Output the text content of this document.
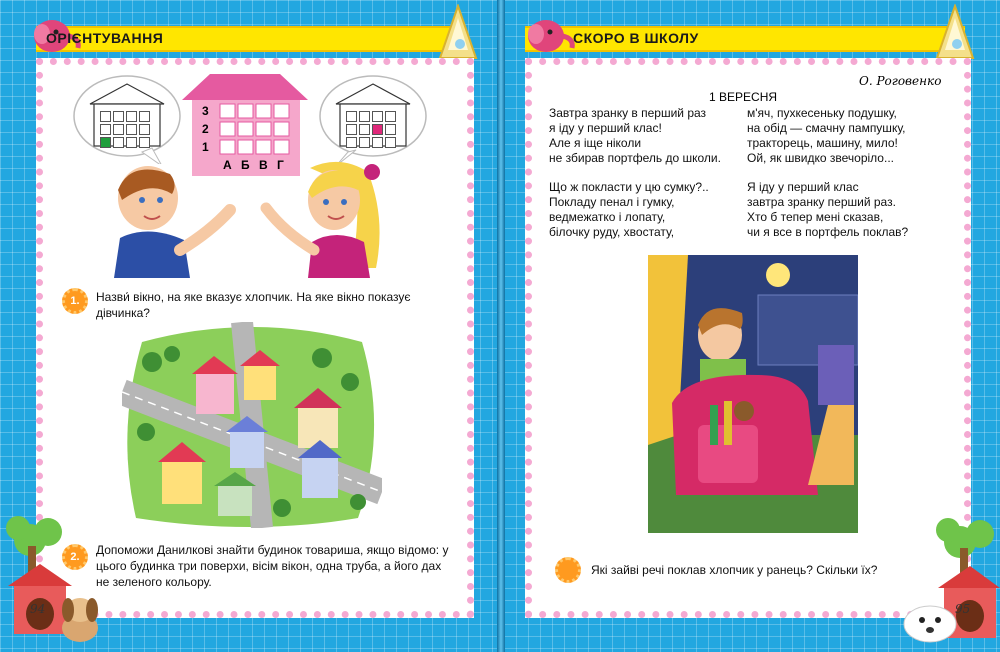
ОРІЄНТУВАННЯ
3
2
1
А Б В Г
1. Назви́ вікно, на яке вказує хлопчик. На яке вікно показує дівчинка?
2. Допоможи Данилкові знайти будинок товариша, якщо відомо: у цього будинка три поверхи, вісім вікон, одна труба, а його дах не зеленого кольору.
94
СКОРО В ШКОЛУ
О. Роговенко
1 ВЕРЕСНЯ
Завтра зранку в перший раз
я іду у перший клас!
Але я іще ніколи
не збирав портфель до школи.
м'яч, пухкесеньку подушку,
на обід — смачну пампушку,
тракторець, машину, мило!
Ой, як швидко звечоріло...
Що ж покласти у цю сумку?..
Покладу пенал і гумку,
ведмежатко і лопату,
білочку руду, хвостату,
Я іду у перший клас
завтра зранку перший раз.
Хто б тепер мені сказав,
чи я все в портфель поклав?
Які зайві речі поклав хлопчик у ранець? Скільки їх?
95
